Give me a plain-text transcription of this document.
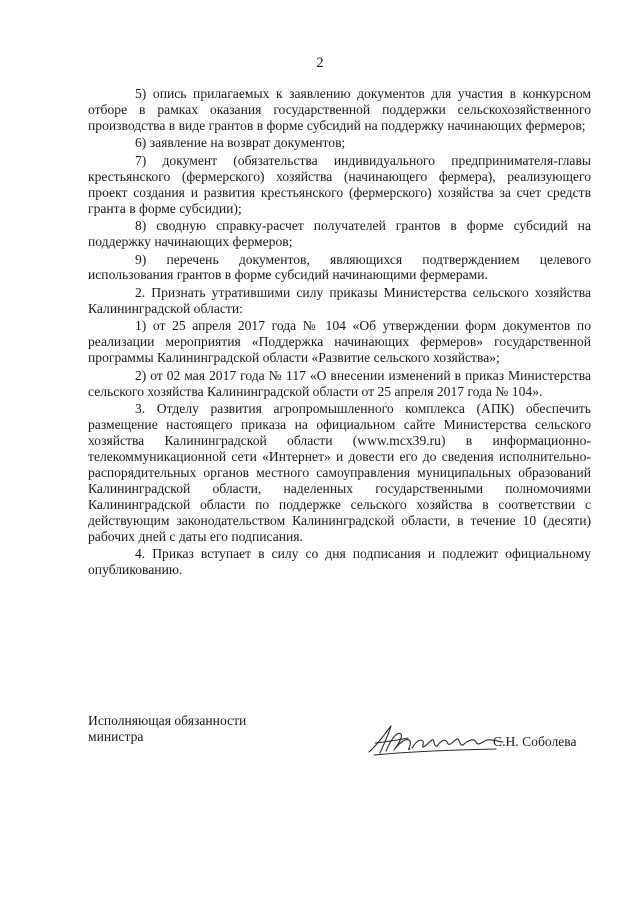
2

5) опись прилагаемых к заявлению документов для участия в конкурсном отборе в рамках оказания государственной поддержки сельскохозяйственного производства в виде грантов в форме субсидий на поддержку начинающих фермеров;

6) заявление на возврат документов;

7) документ (обязательства индивидуального предпринимателя-главы крестьянского (фермерского) хозяйства (начинающего фермера), реализующего проект создания и развития крестьянского (фермерского) хозяйства за счет средств гранта в форме субсидии);

8) сводную справку-расчет получателей грантов в форме субсидий на поддержку начинающих фермеров;

9) перечень документов, являющихся подтверждением целевого использования грантов в форме субсидий начинающими фермерами.

2. Признать утратившими силу приказы Министерства сельского хозяйства Калининградской области:

1) от 25 апреля 2017 года № 104 «Об утверждении форм документов по реализации мероприятия «Поддержка начинающих фермеров» государственной программы Калининградской области «Развитие сельского хозяйства»;

2) от 02 мая 2017 года № 117 «О внесении изменений в приказ Министерства сельского хозяйства Калининградской области от 25 апреля 2017 года № 104».

3. Отделу развития агропромышленного комплекса (АПК) обеспечить размещение настоящего приказа на официальном сайте Министерства сельского хозяйства Калининградской области (www.mcx39.ru) в информационно-телекоммуникационной сети «Интернет» и довести его до сведения исполнительно-распорядительных органов местного самоуправления муниципальных образований Калининградской области, наделенных государственными полномочиями Калининградской области по поддержке сельского хозяйства в соответствии с действующим законодательством Калининградской области, в течение 10 (десяти) рабочих дней с даты его подписания.

4. Приказ вступает в силу со дня подписания и подлежит официальному опубликованию.

Исполняющая обязанности
министра	С.Н. Соболева
